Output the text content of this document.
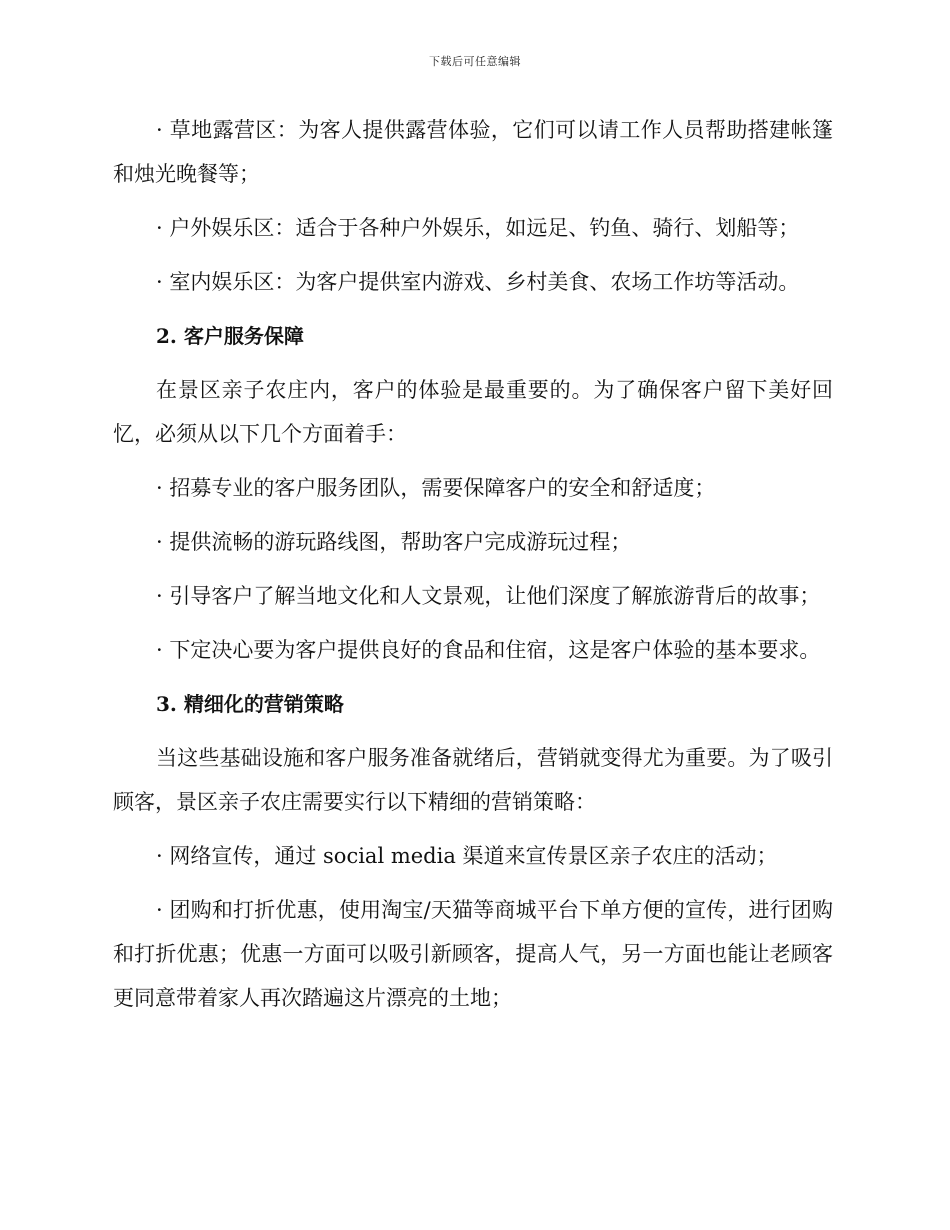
下载后可任意编辑

· 草地露营区：为客人提供露营体验，它们可以请工作人员帮助搭建帐篷和烛光晚餐等；

· 户外娱乐区：适合于各种户外娱乐，如远足、钓鱼、骑行、划船等；

· 室内娱乐区：为客户提供室内游戏、乡村美食、农场工作坊等活动。

2. 客户服务保障

在景区亲子农庄内，客户的体验是最重要的。为了确保客户留下美好回忆，必须从以下几个方面着手：

· 招募专业的客户服务团队，需要保障客户的安全和舒适度；

· 提供流畅的游玩路线图，帮助客户完成游玩过程；

· 引导客户了解当地文化和人文景观，让他们深度了解旅游背后的故事；

· 下定决心要为客户提供良好的食品和住宿，这是客户体验的基本要求。

3. 精细化的营销策略

当这些基础设施和客户服务准备就绪后，营销就变得尤为重要。为了吸引顾客，景区亲子农庄需要实行以下精细的营销策略：

· 网络宣传，通过 social media 渠道来宣传景区亲子农庄的活动；

· 团购和打折优惠，使用淘宝/天猫等商城平台下单方便的宣传，进行团购和打折优惠；优惠一方面可以吸引新顾客，提高人气，另一方面也能让老顾客更同意带着家人再次踏遍这片漂亮的土地；
